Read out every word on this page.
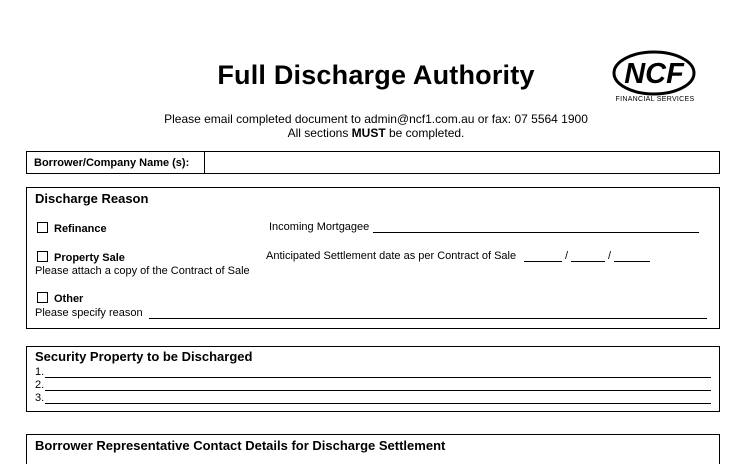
Full Discharge Authority	NCF
FINANCIAL SERVICES
Please email completed document to admin@ncf1.com.au or fax: 07 5564 1900
All sections MUST be completed.
Borrower/Company Name (s):
Discharge Reason
Refinance	Incoming Mortgagee
Property Sale	Anticipated Settlement date as per Contract of Sale	/	/
Please attach a copy of the Contract of Sale
Other
Please specify reason
Security Property to be Discharged
1.
2.
3.
Borrower Representative Contact Details for Discharge Settlement
